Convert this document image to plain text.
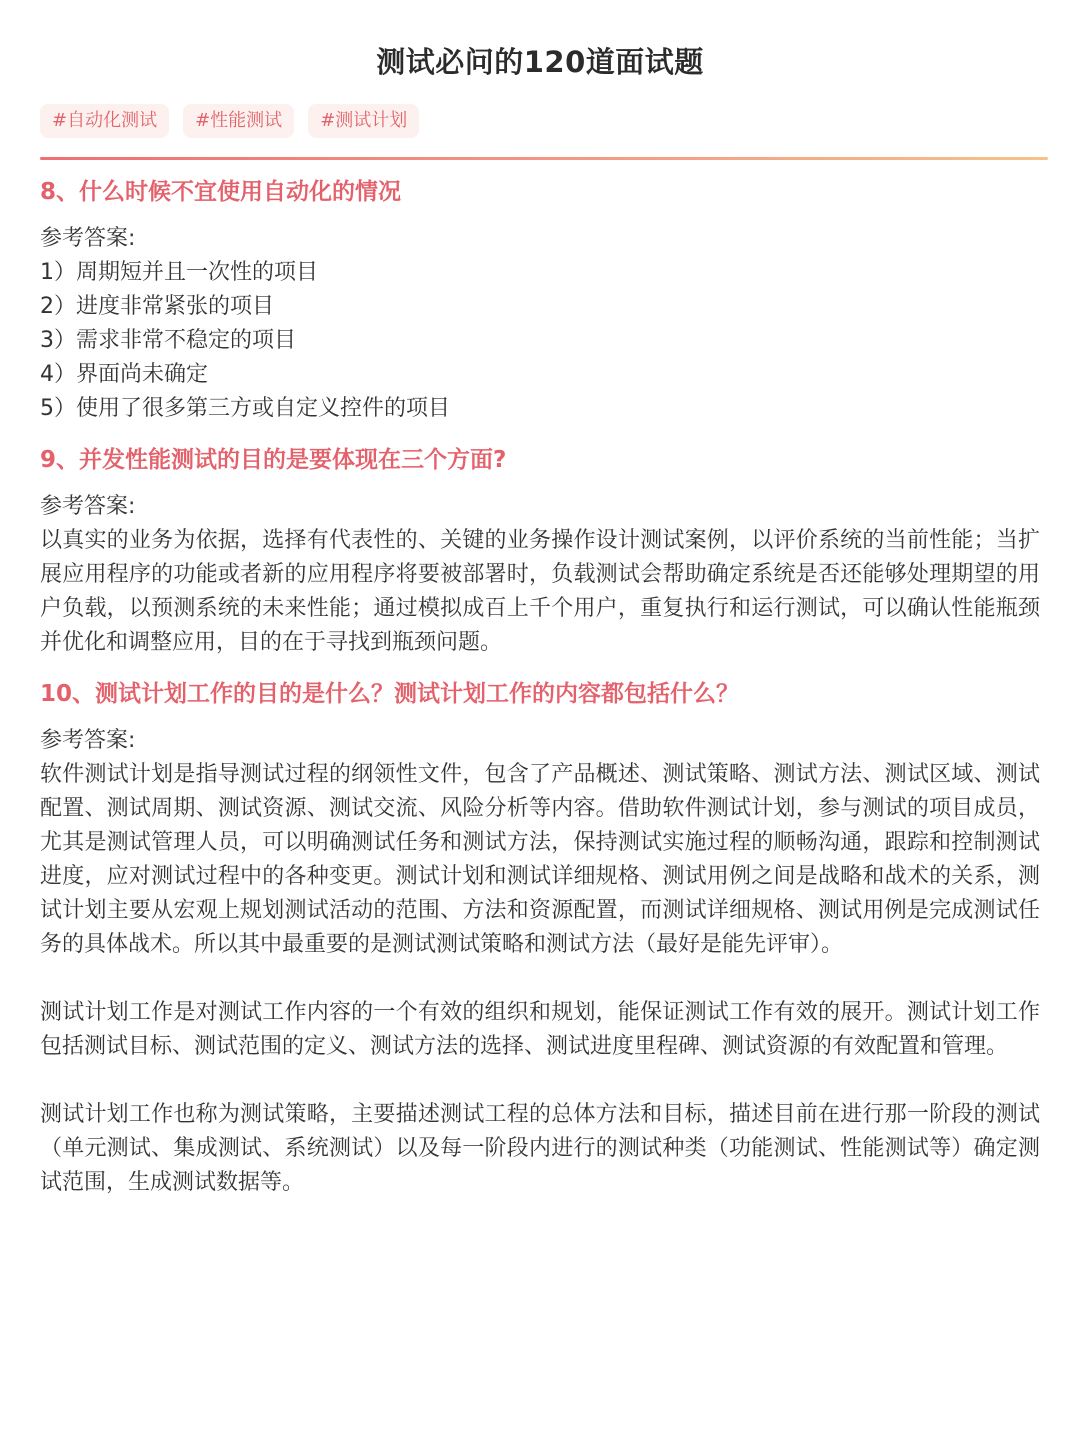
测试必问的120道面试题
#自动化测试	#性能测试	#测试计划
8、什么时候不宜使用自动化的情况

参考答案:

1）周期短并且一次性的项目

2）进度非常紧张的项目

3）需求非常不稳定的项目

4）界面尚未确定

5）使用了很多第三方或自定义控件的项目

9、并发性能测试的目的是要体现在三个方面?

参考答案:

以真实的业务为依据，选择有代表性的、关键的业务操作设计测试案例，以评价系统的当前性能；当扩展应用程序的功能或者新的应用程序将要被部署时，负载测试会帮助确定系统是否还能够处理期望的用户负载，以预测系统的未来性能；通过模拟成百上千个用户，重复执行和运行测试，可以确认性能瓶颈并优化和调整应用，目的在于寻找到瓶颈问题。

10、测试计划工作的目的是什么？测试计划工作的内容都包括什么？

参考答案:

软件测试计划是指导测试过程的纲领性文件，包含了产品概述、测试策略、测试方法、测试区域、测试配置、测试周期、测试资源、测试交流、风险分析等内容。借助软件测试计划，参与测试的项目成员，尤其是测试管理人员，可以明确测试任务和测试方法，保持测试实施过程的顺畅沟通，跟踪和控制测试进度，应对测试过程中的各种变更。测试计划和测试详细规格、测试用例之间是战略和战术的关系，测试计划主要从宏观上规划测试活动的范围、方法和资源配置，而测试详细规格、测试用例是完成测试任务的具体战术。所以其中最重要的是测试测试策略和测试方法（最好是能先评审）。

测试计划工作是对测试工作内容的一个有效的组织和规划，能保证测试工作有效的展开。测试计划工作包括测试目标、测试范围的定义、测试方法的选择、测试进度里程碑、测试资源的有效配置和管理。

测试计划工作也称为测试策略，主要描述测试工程的总体方法和目标，描述目前在进行那一阶段的测试（单元测试、集成测试、系统测试）以及每一阶段内进行的测试种类（功能测试、性能测试等）确定测试范围，生成测试数据等。
